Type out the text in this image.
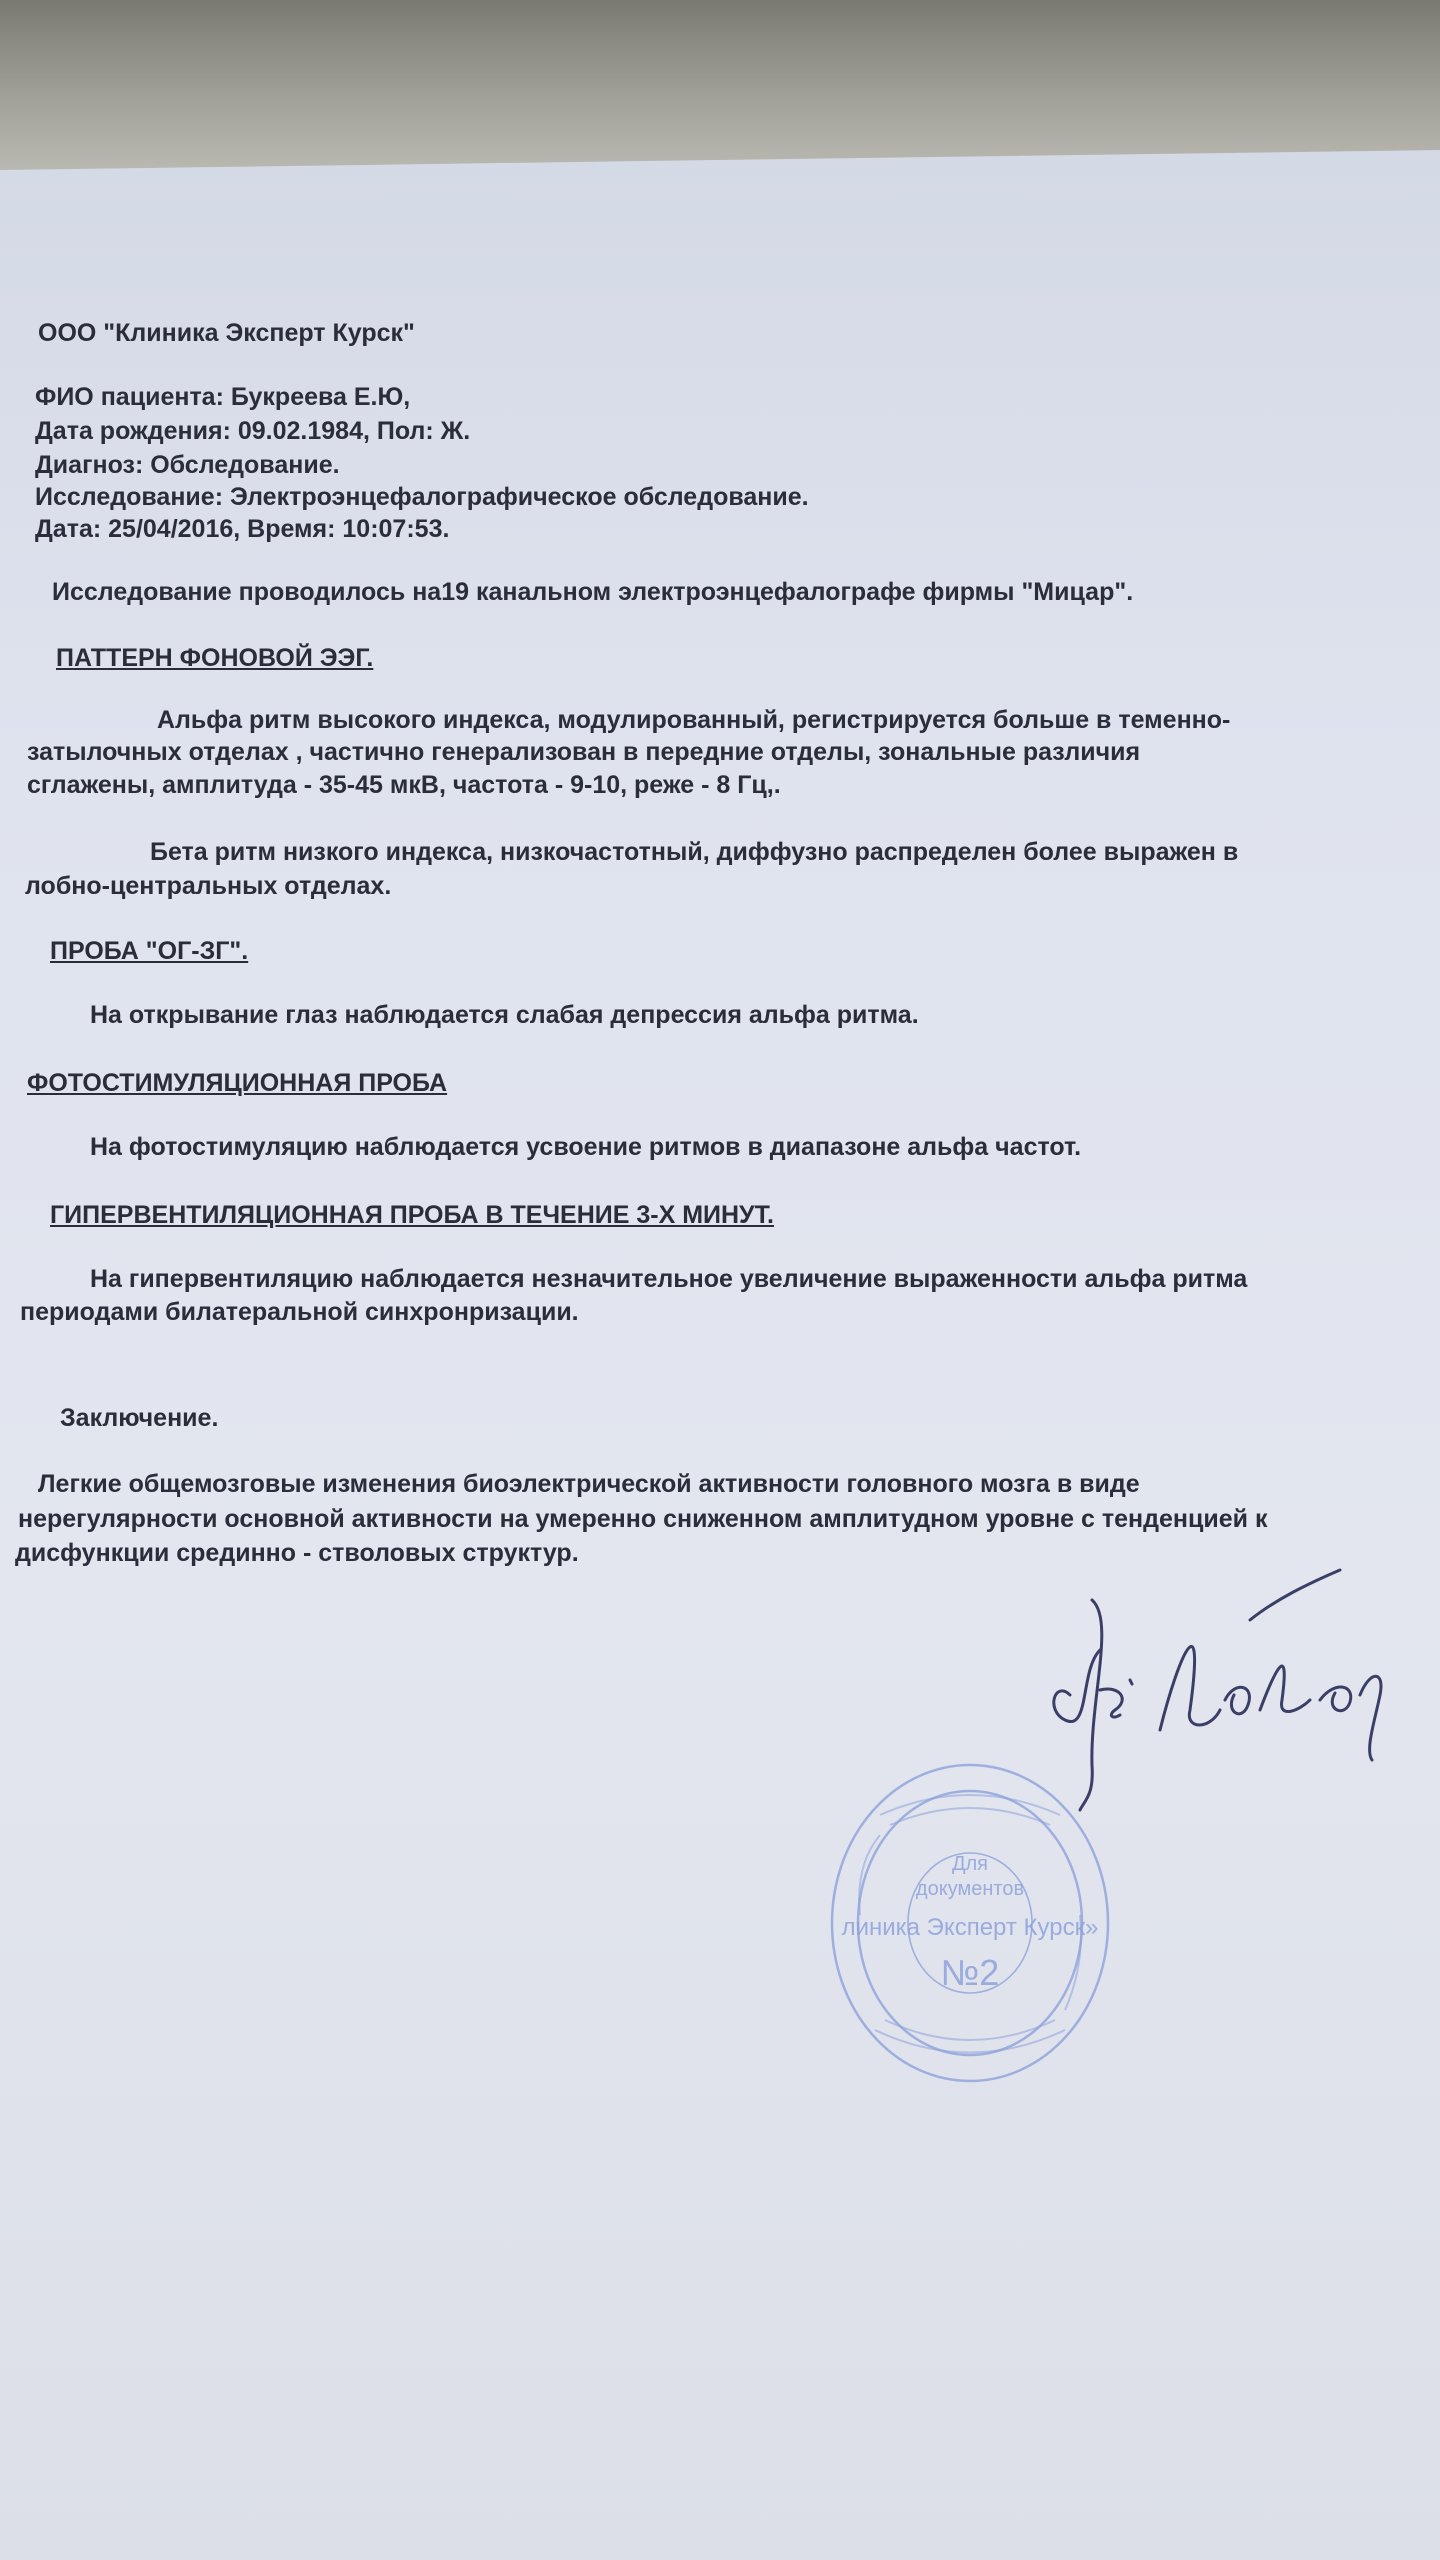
ООО "Клиника Эксперт Курск"
ФИО пациента: Букреева Е.Ю,
Дата рождения: 09.02.1984, Пол: Ж.
Диагноз: Обследование.
Исследование: Электроэнцефалографическое обследование.
Дата: 25/04/2016, Время: 10:07:53.
Исследование проводилось на19 канальном электроэнцефалографе фирмы "Мицар".
ПАТТЕРН ФОНОВОЙ ЭЭГ.
Альфа ритм высокого индекса, модулированный, регистрируется больше в теменно-
затылочных отделах , частично генерализован в передние отделы, зональные различия
сглажены, амплитуда - 35-45 мкВ, частота - 9-10, реже - 8 Гц,.
Бета ритм низкого индекса, низкочастотный, диффузно распределен более выражен в
лобно-центральных отделах.
ПРОБА "ОГ-ЗГ".
На открывание глаз наблюдается слабая депрессия альфа ритма.
ФОТОСТИМУЛЯЦИОННАЯ ПРОБА
На фотостимуляцию наблюдается усвоение ритмов в диапазоне альфа частот.
ГИПЕРВЕНТИЛЯЦИОННАЯ ПРОБА В ТЕЧЕНИЕ 3-Х МИНУТ.
На гипервентиляцию наблюдается незначительное увеличение выраженности альфа ритма
периодами билатеральной синхронризации.
Заключение.
Легкие общемозговые изменения биоэлектрической активности головного мозга в виде
нерегулярности основной активности на умеренно сниженном амплитудном уровне с тенденцией к
дисфункции срединно - стволовых структур.
Для
документов
линика Эксперт Курск»
№2
